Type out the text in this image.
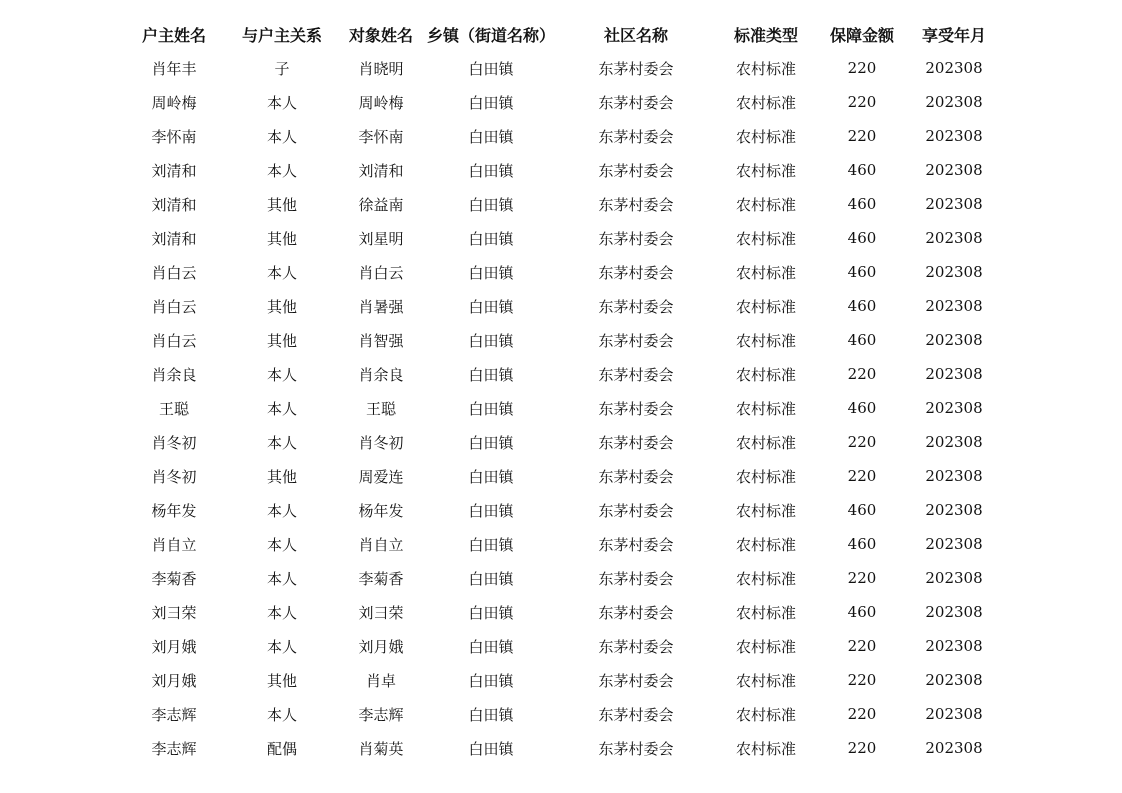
户主姓名	与户主关系	对象姓名	乡镇（街道名称）	社区名称	标准类型	保障金额	享受年月
肖年丰	子	肖晓明	白田镇	东茅村委会	农村标准	220	202308
周岭梅	本人	周岭梅	白田镇	东茅村委会	农村标准	220	202308
李怀南	本人	李怀南	白田镇	东茅村委会	农村标准	220	202308
刘清和	本人	刘清和	白田镇	东茅村委会	农村标准	460	202308
刘清和	其他	徐益南	白田镇	东茅村委会	农村标准	460	202308
刘清和	其他	刘星明	白田镇	东茅村委会	农村标准	460	202308
肖白云	本人	肖白云	白田镇	东茅村委会	农村标准	460	202308
肖白云	其他	肖暑强	白田镇	东茅村委会	农村标准	460	202308
肖白云	其他	肖智强	白田镇	东茅村委会	农村标准	460	202308
肖余良	本人	肖余良	白田镇	东茅村委会	农村标准	220	202308
王聪	本人	王聪	白田镇	东茅村委会	农村标准	460	202308
肖冬初	本人	肖冬初	白田镇	东茅村委会	农村标准	220	202308
肖冬初	其他	周爱连	白田镇	东茅村委会	农村标准	220	202308
杨年发	本人	杨年发	白田镇	东茅村委会	农村标准	460	202308
肖自立	本人	肖自立	白田镇	东茅村委会	农村标准	460	202308
李菊香	本人	李菊香	白田镇	东茅村委会	农村标准	220	202308
刘彐荣	本人	刘彐荣	白田镇	东茅村委会	农村标准	460	202308
刘月娥	本人	刘月娥	白田镇	东茅村委会	农村标准	220	202308
刘月娥	其他	肖卓	白田镇	东茅村委会	农村标准	220	202308
李志辉	本人	李志辉	白田镇	东茅村委会	农村标准	220	202308
李志辉	配偶	肖菊英	白田镇	东茅村委会	农村标准	220	202308
